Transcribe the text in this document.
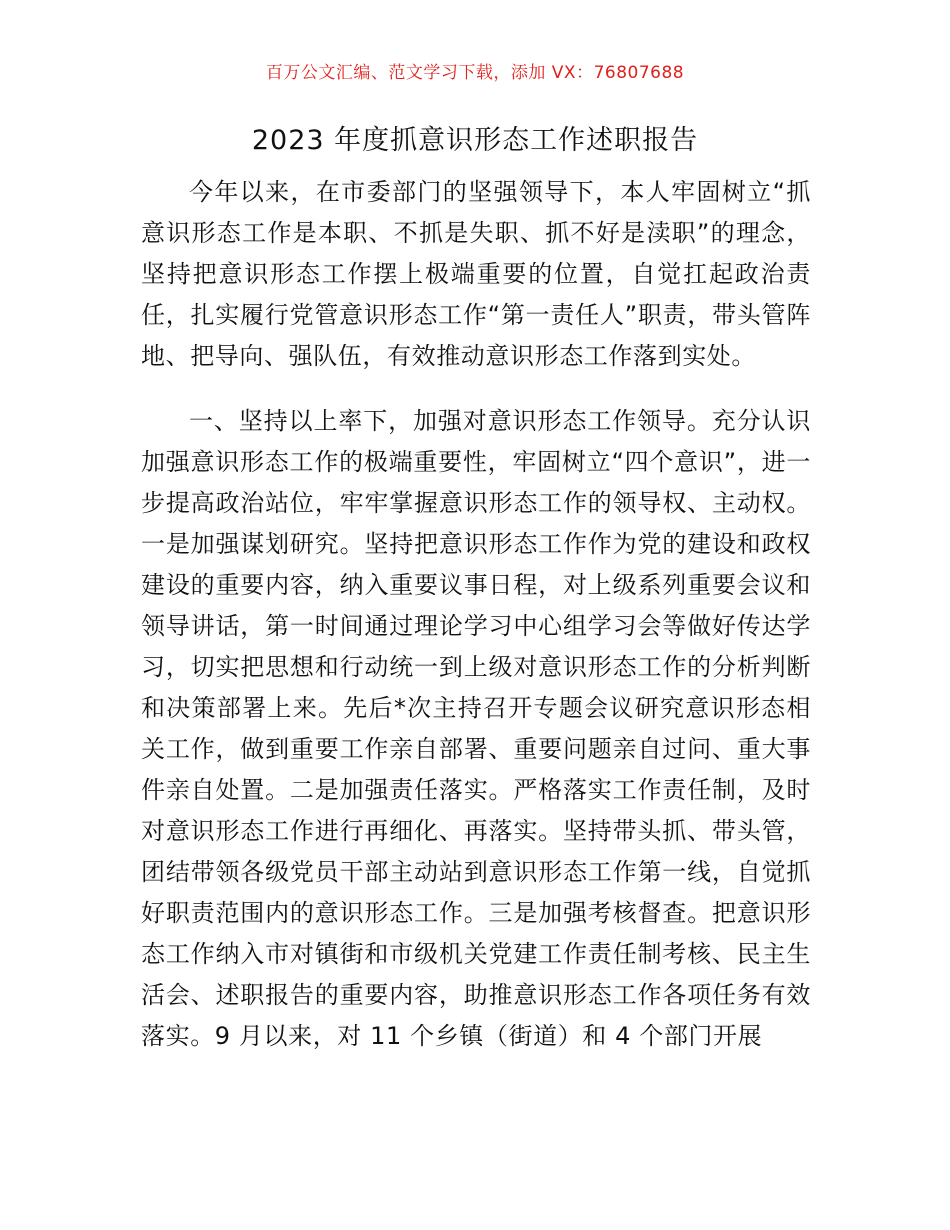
百万公文汇编、范文学习下载，添加 VX：76807688
2023 年度抓意识形态工作述职报告

今年以来，在市委部门的坚强领导下，本人牢固树立“抓意识形态工作是本职、不抓是失职、抓不好是渎职”的理念，坚持把意识形态工作摆上极端重要的位置，自觉扛起政治责任，扎实履行党管意识形态工作“第一责任人”职责，带头管阵地、把导向、强队伍，有效推动意识形态工作落到实处。

一、坚持以上率下，加强对意识形态工作领导。充分认识加强意识形态工作的极端重要性，牢固树立“四个意识”，进一步提高政治站位，牢牢掌握意识形态工作的领导权、主动权。一是加强谋划研究。坚持把意识形态工作作为党的建设和政权建设的重要内容，纳入重要议事日程，对上级系列重要会议和领导讲话，第一时间通过理论学习中心组学习会等做好传达学习，切实把思想和行动统一到上级对意识形态工作的分析判断和决策部署上来。先后*次主持召开专题会议研究意识形态相关工作，做到重要工作亲自部署、重要问题亲自过问、重大事件亲自处置。二是加强责任落实。严格落实工作责任制，及时对意识形态工作进行再细化、再落实。坚持带头抓、带头管，团结带领各级党员干部主动站到意识形态工作第一线，自觉抓好职责范围内的意识形态工作。三是加强考核督查。把意识形态工作纳入市对镇街和市级机关党建工作责任制考核、民主生活会、述职报告的重要内容，助推意识形态工作各项任务有效落实。9 月以来，对 11 个乡镇（街道）和 4 个部门开展
